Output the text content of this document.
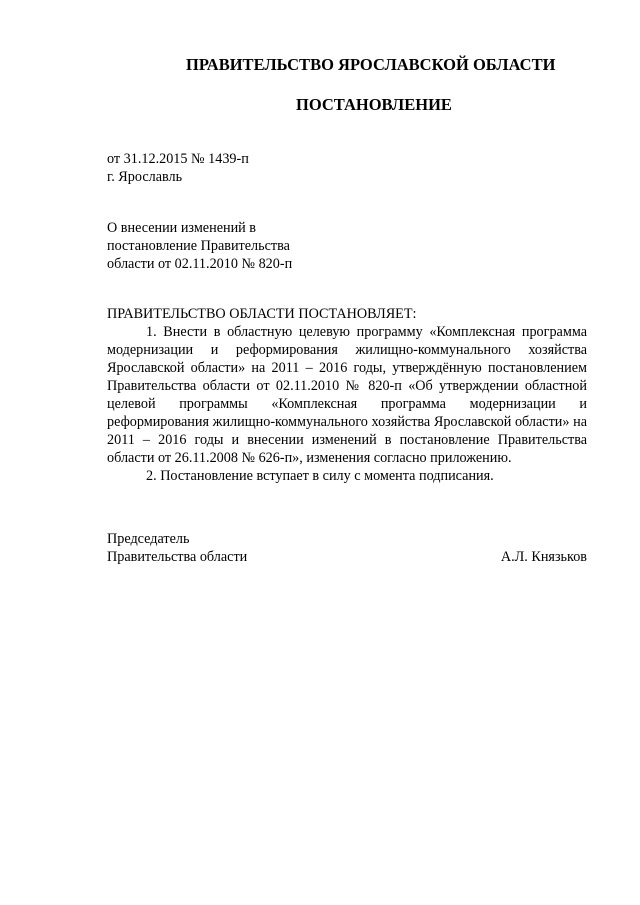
ПРАВИТЕЛЬСТВО ЯРОСЛАВСКОЙ ОБЛАСТИ
ПОСТАНОВЛЕНИЕ
от 31.12.2015 № 1439-п
г. Ярославль
О внесении изменений в
постановление Правительства
области от 02.11.2010 № 820-п
ПРАВИТЕЛЬСТВО ОБЛАСТИ ПОСТАНОВЛЯЕТ:

1. Внести в областную целевую программу «Комплексная программа модернизации и реформирования жилищно-коммунального хозяйства Ярославской области» на 2011 – 2016 годы, утверждённую постановлением Правительства области от 02.11.2010 № 820-п «Об утверждении областной целевой программы «Комплексная программа модернизации и реформирования жилищно-коммунального хозяйства Ярославской области» на 2011 – 2016 годы и внесении изменений в постановление Правительства области от 26.11.2008 № 626-п», изменения согласно приложению.

2. Постановление вступает в силу с момента подписания.

Председатель
Правительства области	А.Л. Князьков
